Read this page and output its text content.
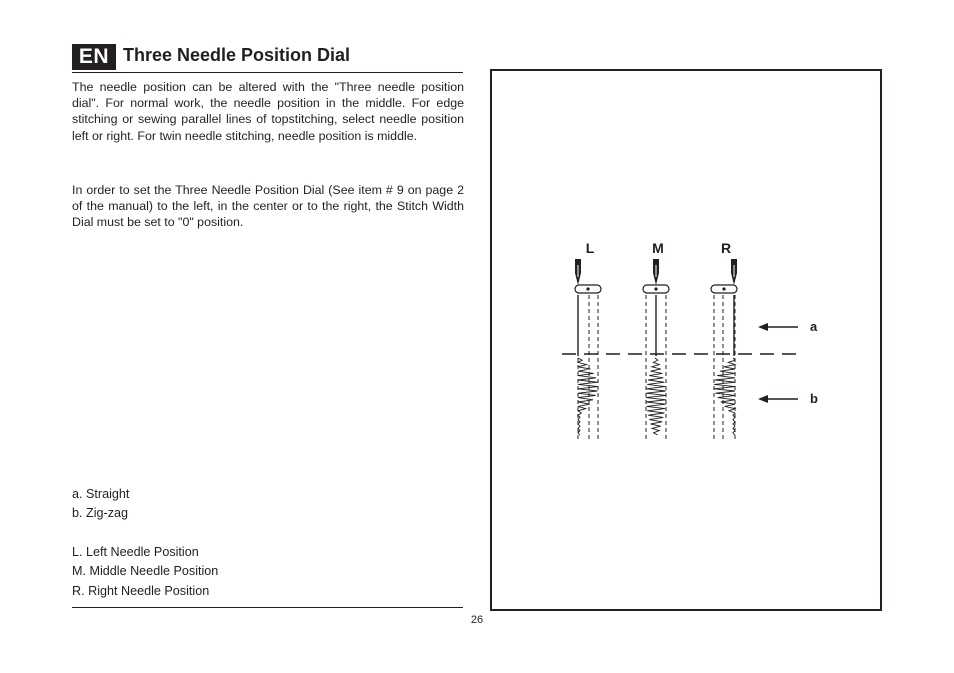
EN Three Needle Position Dial

The needle position can be altered with the "Three needle position dial". For normal work, the needle position in the middle. For edge stitching or sewing parallel lines of topstitching, select needle position left or right. For twin needle stitching, needle position is middle.

In order to set the Three Needle Position Dial (See item # 9 on page 2 of the manual) to the left, in the center or to the right, the Stitch Width Dial must be set to "0" position.

a. Straight
b. Zig-zag
L. Left Needle Position
M. Middle Needle Position
R. Right Needle Position
26
L	M	R
a
b
